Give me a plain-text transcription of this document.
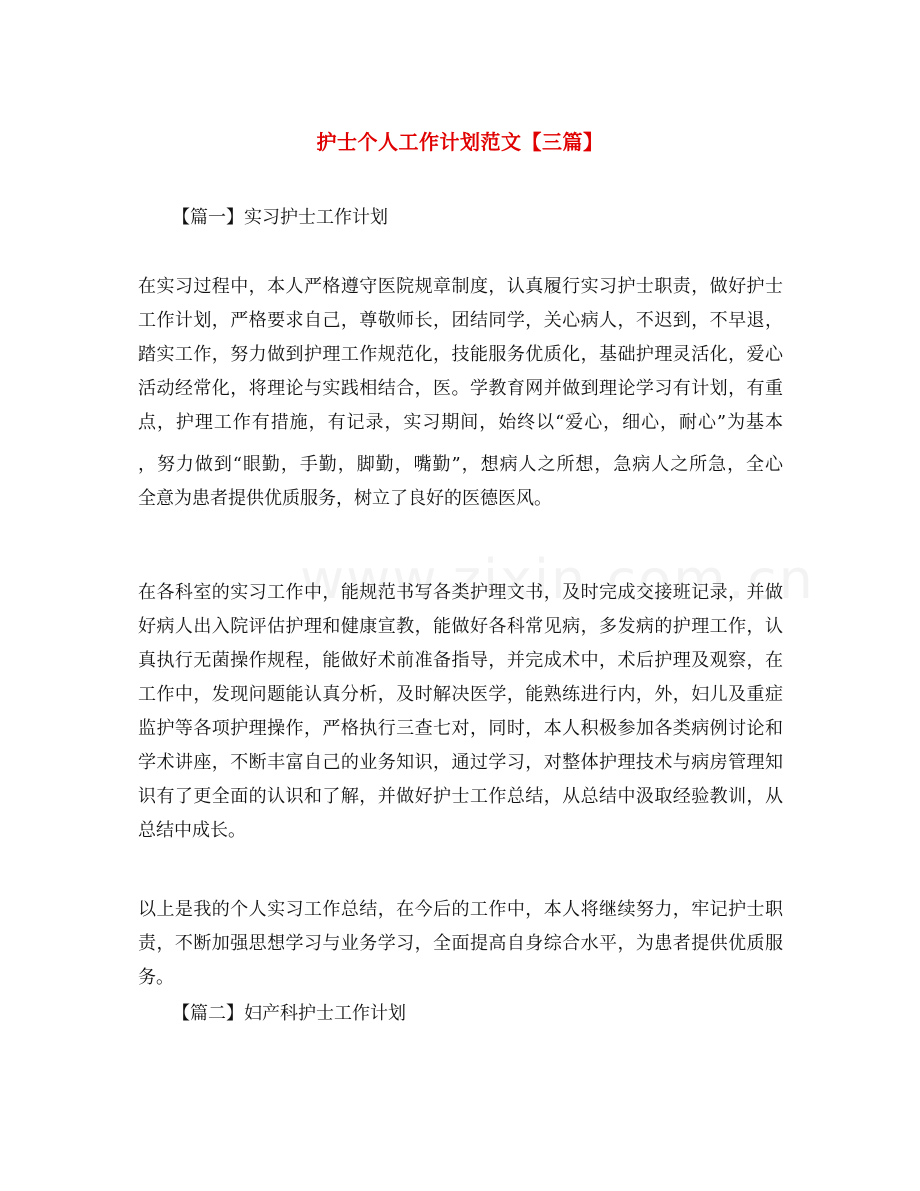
护士个人工作计划范文【三篇】
【篇一】实习护士工作计划
在实习过程中，本人严格遵守医院规章制度，认真履行实习护士职责，做好护士
工作计划，严格要求自己，尊敬师长，团结同学，关心病人，不迟到，不早退，
踏实工作，努力做到护理工作规范化，技能服务优质化，基础护理灵活化，爱心
活动经常化，将理论与实践相结合，医。学教育网并做到理论学习有计划，有重
点，护理工作有措施，有记录，实习期间，始终以“爱心，细心，耐心”为基本
，努力做到“眼勤，手勤，脚勤，嘴勤”，想病人之所想，急病人之所急，全心
全意为患者提供优质服务，树立了良好的医德医风。
在各科室的实习工作中，能规范书写各类护理文书，及时完成交接班记录，并做
好病人出入院评估护理和健康宣教，能做好各科常见病，多发病的护理工作，认
真执行无菌操作规程，能做好术前准备指导，并完成术中，术后护理及观察，在
工作中，发现问题能认真分析，及时解决医学，能熟练进行内，外，妇儿及重症
监护等各项护理操作，严格执行三查七对，同时，本人积极参加各类病例讨论和
学术讲座，不断丰富自己的业务知识，通过学习，对整体护理技术与病房管理知
识有了更全面的认识和了解，并做好护士工作总结，从总结中汲取经验教训，从
总结中成长。
以上是我的个人实习工作总结，在今后的工作中，本人将继续努力，牢记护士职
责，不断加强思想学习与业务学习，全面提高自身综合水平，为患者提供优质服
务。
【篇二】妇产科护士工作计划
